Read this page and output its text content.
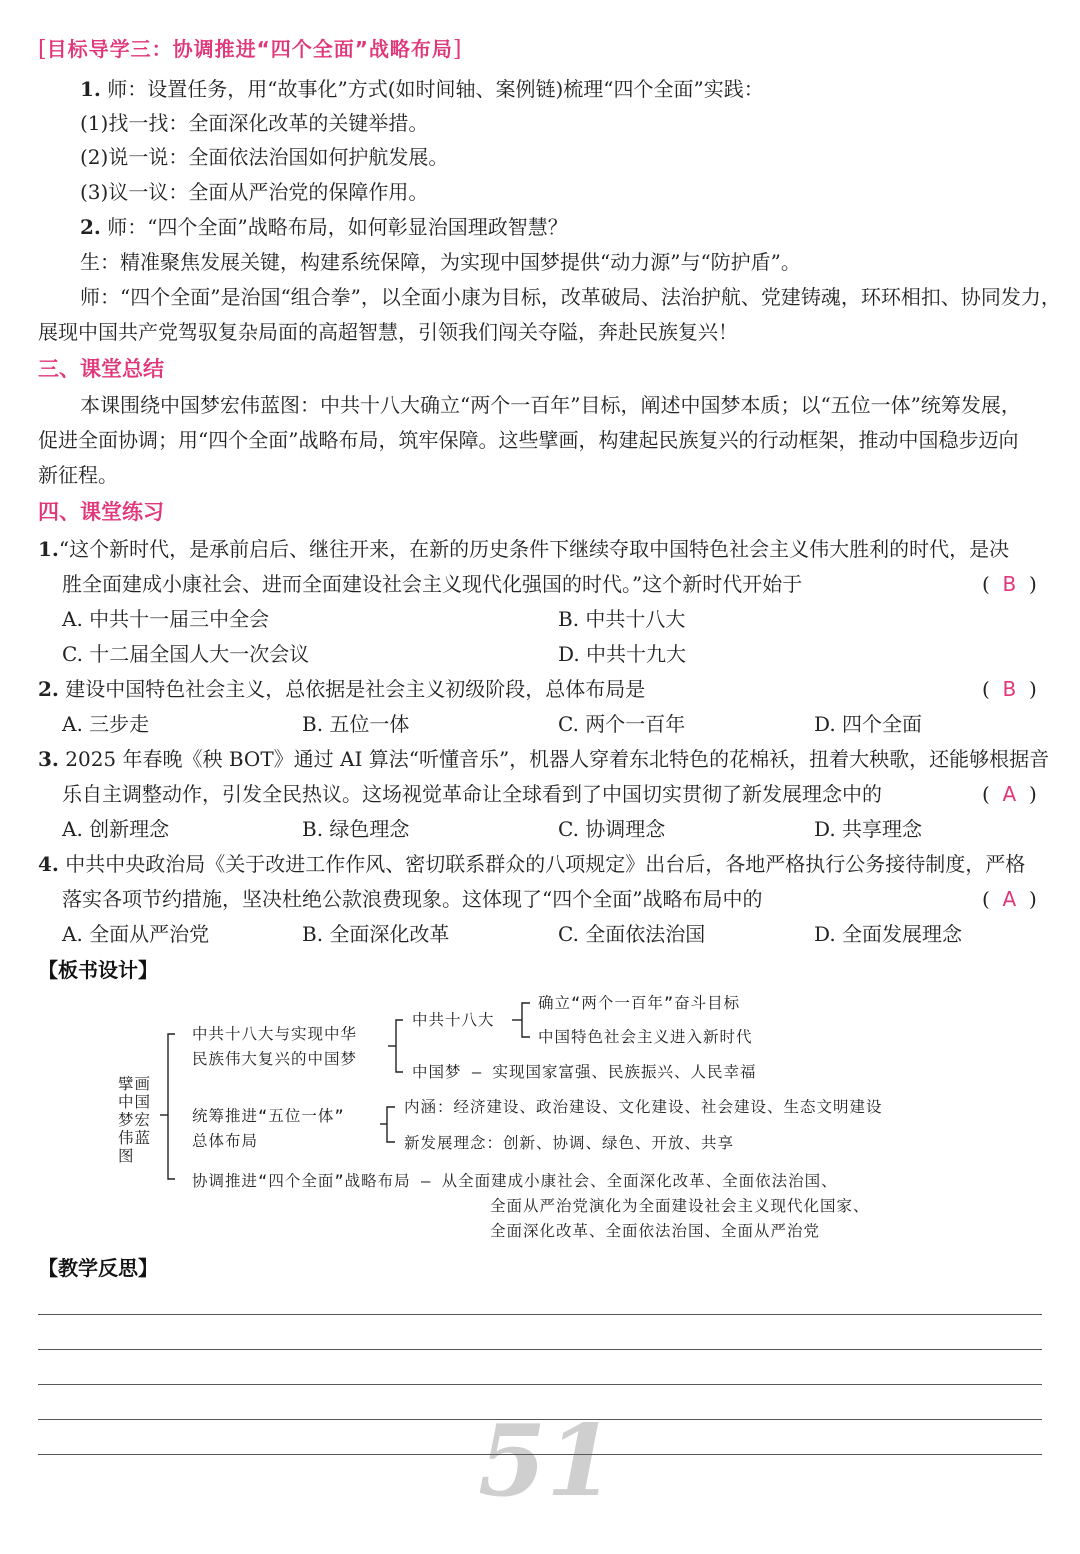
[目标导学三：协调推进“四个全面”战略布局]
1. 师：设置任务，用“故事化”方式(如时间轴、案例链)梳理“四个全面”实践：
(1)找一找：全面深化改革的关键举措。
(2)说一说：全面依法治国如何护航发展。
(3)议一议：全面从严治党的保障作用。
2. 师：“四个全面”战略布局，如何彰显治国理政智慧？
生：精准聚焦发展关键，构建系统保障，为实现中国梦提供“动力源”与“防护盾”。
师：“四个全面”是治国“组合拳”，以全面小康为目标，改革破局、法治护航、党建铸魂，环环相扣、协同发力，
展现中国共产党驾驭复杂局面的高超智慧，引领我们闯关夺隘，奔赴民族复兴！
三、课堂总结
本课围绕中国梦宏伟蓝图：中共十八大确立“两个一百年”目标，阐述中国梦本质；以“五位一体”统筹发展，
促进全面协调；用“四个全面”战略布局，筑牢保障。这些擘画，构建起民族复兴的行动框架，推动中国稳步迈向
新征程。
四、课堂练习
1.“这个新时代，是承前启后、继往开来，在新的历史条件下继续夺取中国特色社会主义伟大胜利的时代，是决
胜全面建成小康社会、进而全面建设社会主义现代化强国的时代。”这个新时代开始于	( B )
A. 中共十一届三中全会	B. 中共十八大
C. 十二届全国人大一次会议	D. 中共十九大
2. 建设中国特色社会主义，总依据是社会主义初级阶段，总体布局是	( B )
A. 三步走	B. 五位一体	C. 两个一百年	D. 四个全面
3. 2025 年春晚《秧 BOT》通过 AI 算法“听懂音乐”，机器人穿着东北特色的花棉袄，扭着大秧歌，还能够根据音
乐自主调整动作，引发全民热议。这场视觉革命让全球看到了中国切实贯彻了新发展理念中的	( A )
A. 创新理念	B. 绿色理念	C. 协调理念	D. 共享理念
4. 中共中央政治局《关于改进工作作风、密切联系群众的八项规定》出台后，各地严格执行公务接待制度，严格
落实各项节约措施，坚决杜绝公款浪费现象。这体现了“四个全面”战略布局中的	( A )
A. 全面从严治党	B. 全面深化改革	C. 全面依法治国	D. 全面发展理念
【板书设计】
擘画
中国
梦宏
伟蓝
图
中共十八大与实现中华
民族伟大复兴的中国梦
中共十八大
确立“两个一百年”奋斗目标
中国特色社会主义进入新时代
中国梦 — 实现国家富强、民族振兴、人民幸福
统筹推进“五位一体”
总体布局
内涵：经济建设、政治建设、文化建设、社会建设、生态文明建设
新发展理念：创新、协调、绿色、开放、共享
协调推进“四个全面”战略布局 — 从全面建成小康社会、全面深化改革、全面依法治国、
全面从严治党演化为全面建设社会主义现代化国家、
全面深化改革、全面依法治国、全面从严治党
【教学反思】
51
